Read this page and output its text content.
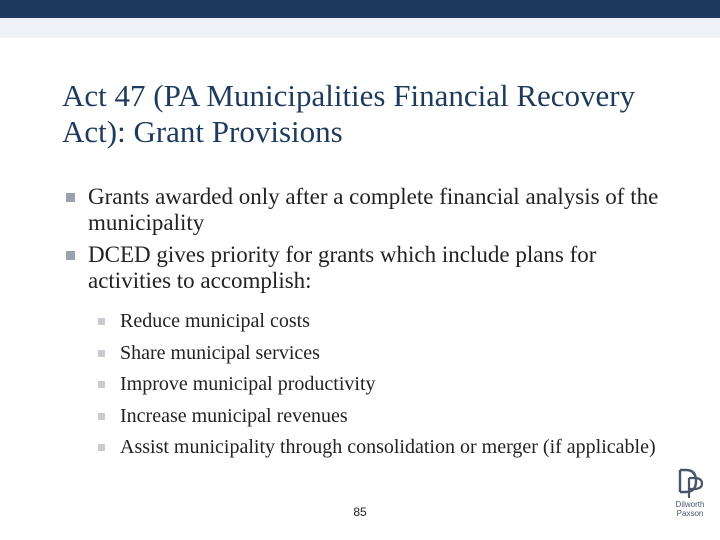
Act 47 (PA Municipalities Financial Recovery Act): Grant Provisions
Grants awarded only after a complete financial analysis of the municipality
DCED gives priority for grants which include plans for activities to accomplish:
Reduce municipal costs
Share municipal services
Improve municipal productivity
Increase municipal revenues
Assist municipality through consolidation or merger (if applicable)
85
Dilworth
Paxson
